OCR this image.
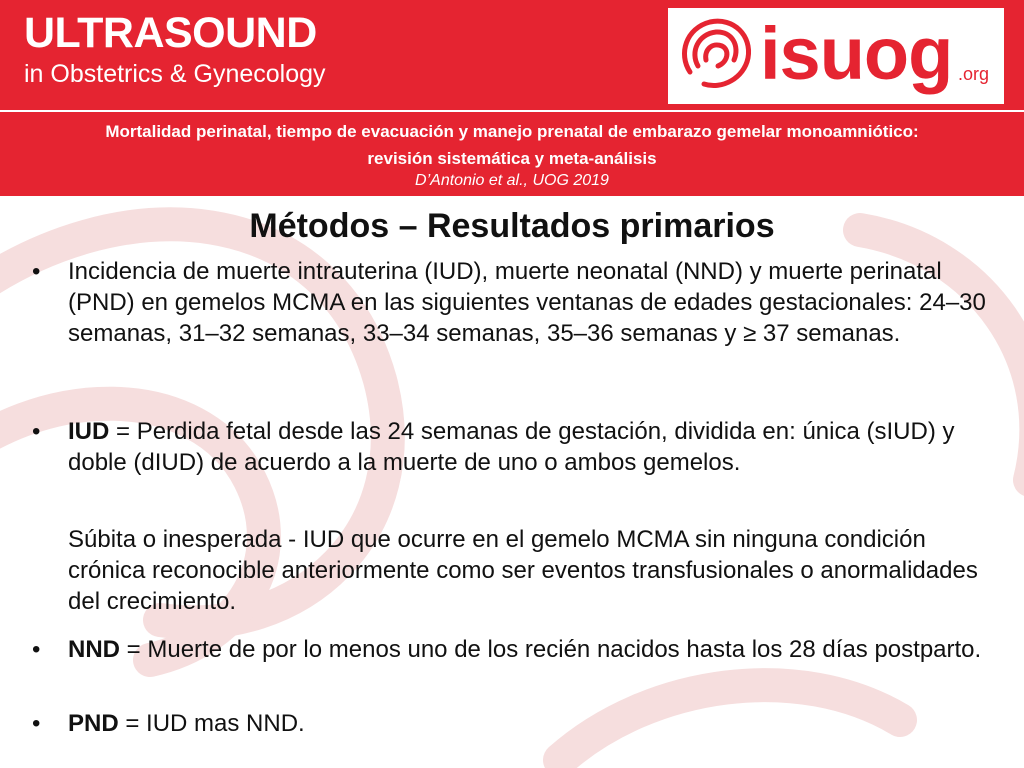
ULTRASOUND
in Obstetrics & Gynecology	isuog .org
Mortalidad perinatal, tiempo de evacuación y manejo prenatal de embarazo gemelar monoamniótico:
revisión sistemática y meta-análisis
D’Antonio et al., UOG 2019
Métodos – Resultados primarios
• Incidencia de muerte intrauterina (IUD), muerte neonatal (NND) y muerte perinatal (PND) en gemelos MCMA en las siguientes ventanas de edades gestacionales: 24–30 semanas, 31–32 semanas, 33–34 semanas, 35–36 semanas y ≥ 37 semanas.
• IUD = Perdida fetal desde las 24 semanas de gestación, dividida en: única (sIUD) y doble (dIUD) de acuerdo a la muerte de uno o ambos gemelos.
Súbita o inesperada - IUD que ocurre en el gemelo MCMA sin ninguna condición crónica reconocible anteriormente como ser eventos transfusionales o anormalidades del crecimiento.
• NND = Muerte de por lo menos uno de los recién nacidos hasta los 28 días postparto.
• PND = IUD mas NND.
